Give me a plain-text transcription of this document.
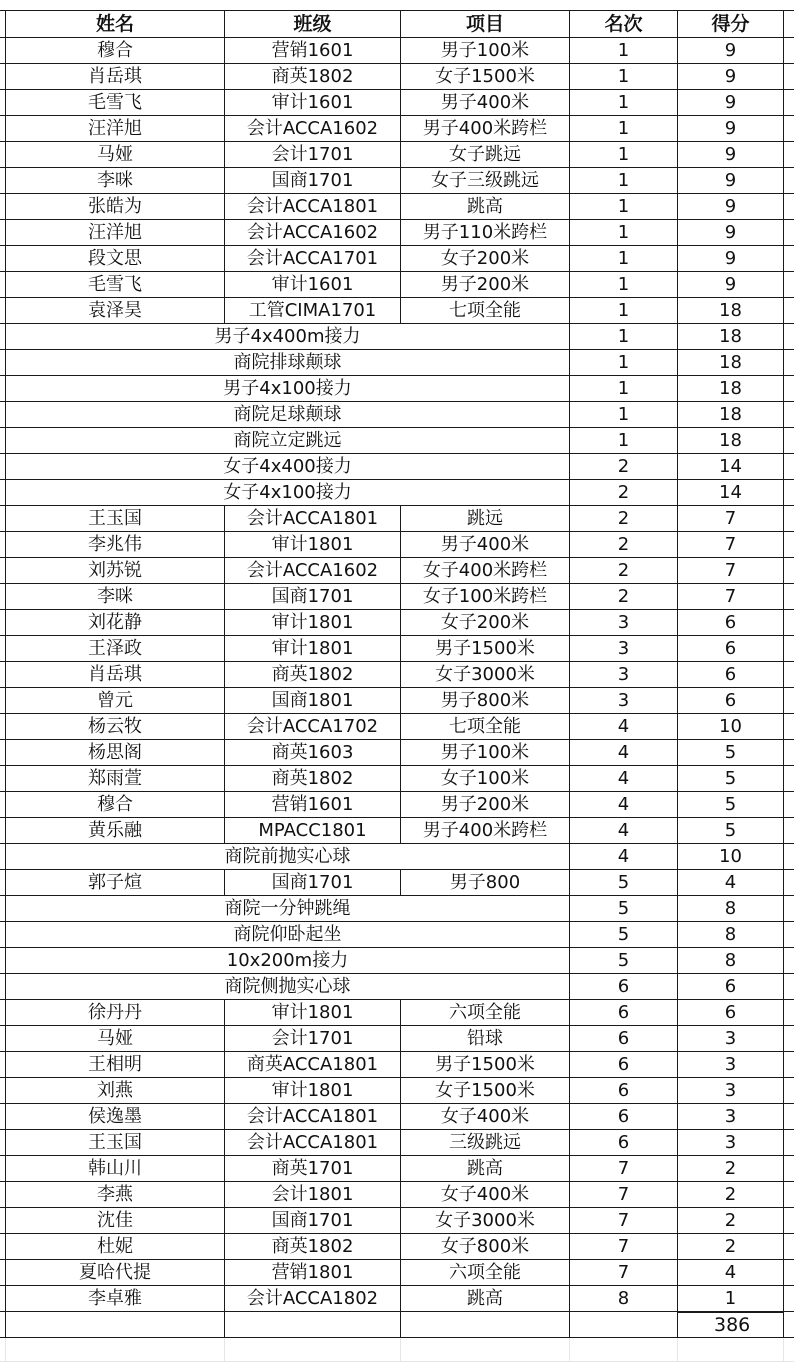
姓名	班级	项目	名次	得分
穆合	营销1601	男子100米	1	9
肖岳琪	商英1802	女子1500米	1	9
毛雪飞	审计1601	男子400米	1	9
汪洋旭	会计ACCA1602	男子400米跨栏	1	9
马娅	会计1701	女子跳远	1	9
李咪	国商1701	女子三级跳远	1	9
张皓为	会计ACCA1801	跳高	1	9
汪洋旭	会计ACCA1602	男子110米跨栏	1	9
段文思	会计ACCA1701	女子200米	1	9
毛雪飞	审计1601	男子200米	1	9
袁泽昊	工管CIMA1701	七项全能	1	18
男子4x400m接力	1	18
商院排球颠球	1	18
男子4x100接力	1	18
商院足球颠球	1	18
商院立定跳远	1	18
女子4x400接力	2	14
女子4x100接力	2	14
王玉国	会计ACCA1801	跳远	2	7
李兆伟	审计1801	男子400米	2	7
刘苏锐	会计ACCA1602	女子400米跨栏	2	7
李咪	国商1701	女子100米跨栏	2	7
刘花静	审计1801	女子200米	3	6
王泽政	审计1801	男子1500米	3	6
肖岳琪	商英1802	女子3000米	3	6
曾元	国商1801	男子800米	3	6
杨云牧	会计ACCA1702	七项全能	4	10
杨思阁	商英1603	男子100米	4	5
郑雨萱	商英1802	女子100米	4	5
穆合	营销1601	男子200米	4	5
黄乐融	MPACC1801	男子400米跨栏	4	5
商院前抛实心球	4	10
郭子煊	国商1701	男子800	5	4
商院一分钟跳绳	5	8
商院仰卧起坐	5	8
10x200m接力	5	8
商院侧抛实心球	6	6
徐丹丹	审计1801	六项全能	6	6
马娅	会计1701	铅球	6	3
王相明	商英ACCA1801	男子1500米	6	3
刘燕	审计1801	女子1500米	6	3
侯逸墨	会计ACCA1801	女子400米	6	3
王玉国	会计ACCA1801	三级跳远	6	3
韩山川	商英1701	跳高	7	2
李燕	会计1801	女子400米	7	2
沈佳	国商1701	女子3000米	7	2
杜妮	商英1802	女子800米	7	2
夏哈代提	营销1801	六项全能	7	4
李卓雅	会计ACCA1802	跳高	8	1
386
